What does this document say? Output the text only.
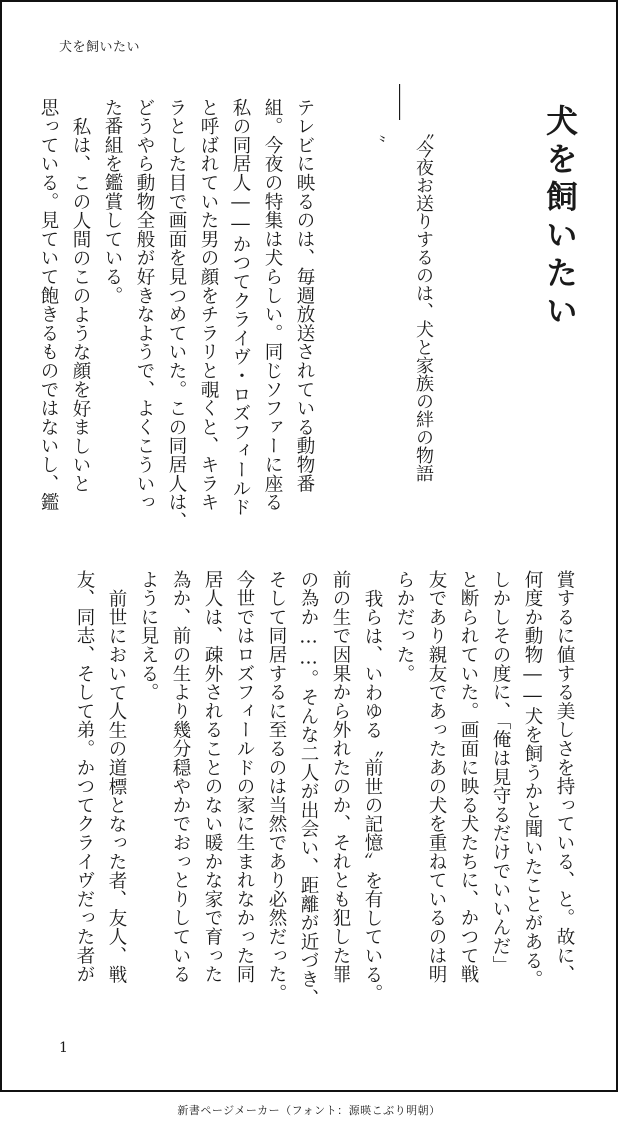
犬を飼いたい
犬を飼いたい
〝今夜お送りするのは、犬と家族の絆の物語
――
〟

テレビに映るのは、毎週放送されている動物番

組。今夜の特集は犬らしい。同じソファーに座る

私の同居人――かつてクライヴ・ロズフィールド

と呼ばれていた男の顔をチラリと覗くと、キラキ

ラとした目で画面を見つめていた。この同居人は、

どうやら動物全般が好きなようで、よくこういっ

た番組を鑑賞している。

私は、この人間のこのような顔を好ましいと

思っている。見ていて飽きるものではないし、鑑

賞するに値する美しさを持っている、と。故に、

何度か動物――犬を飼うかと聞いたことがある。

しかしその度に、「俺は見守るだけでいいんだ」

と断られていた。画面に映る犬たちに、かつて戦

友であり親友であったあの犬を重ねているのは明

らかだった。

我らは、いわゆる〝前世の記憶〟を有している。

前の生で因果から外れたのか、それとも犯した罪

の為か……。そんな二人が出会い、距離が近づき、

そして同居するに至るのは当然であり必然だった。

今世ではロズフィールドの家に生まれなかった同

居人は、疎外されることのない暖かな家で育った

為か、前の生より幾分穏やかでおっとりしている

ように見える。

前世において人生の道標となった者、友人、戦

友、同志、そして弟。かつてクライヴだった者が

1
新書ページメーカー（フォント：源暎こぶり明朝）
